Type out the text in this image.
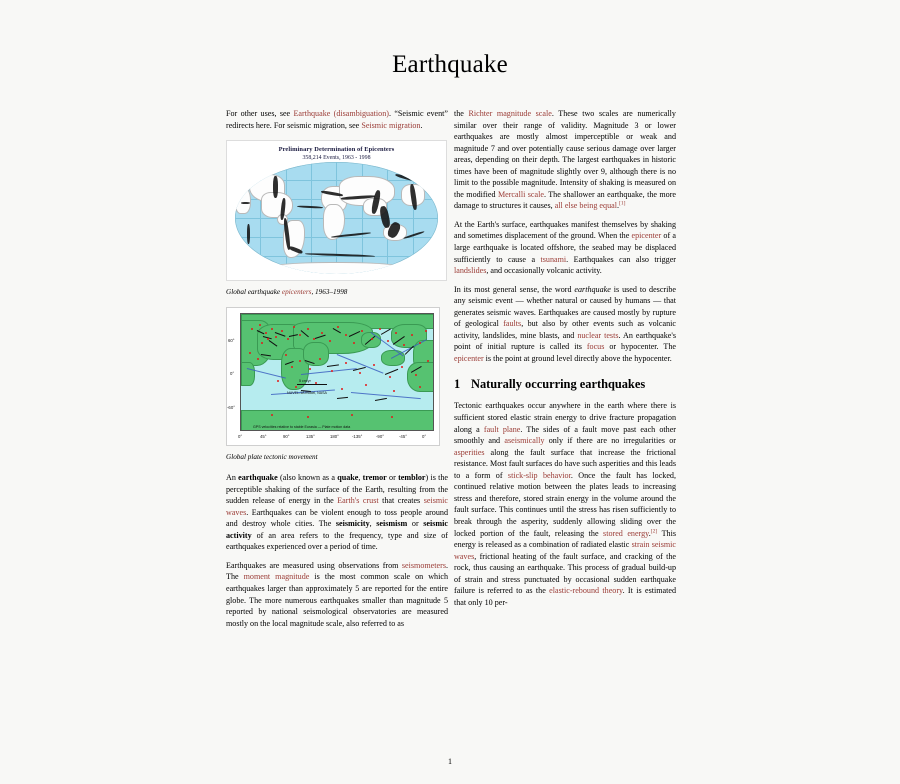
Earthquake

For other uses, see Earthquake (disambiguation). “Seismic event” redirects here. For seismic migration, see Seismic migration.

Preliminary Determination of Epicenters
358,214 Events, 1963 - 1998
Global earthquake epicenters, 1963–1998
5 cm/yr
NUVEL-1A model, NASA
GPS velocities relative to stable Eurasia — Plate motion data
0°	45°	90°	135°	180°	-135°	-90°	-45°	0°
60°
0°
-60°
Global plate tectonic movement

An earthquake (also known as a quake, tremor or temblor) is the perceptible shaking of the surface of the Earth, resulting from the sudden release of energy in the Earth's crust that creates seismic waves. Earthquakes can be violent enough to toss people around and destroy whole cities. The seismicity, seismism or seismic activity of an area refers to the frequency, type and size of earthquakes experienced over a period of time.

Earthquakes are measured using observations from seismometers. The moment magnitude is the most common scale on which earthquakes larger than approximately 5 are reported for the entire globe. The more numerous earthquakes smaller than magnitude 5 reported by national seismological observatories are measured mostly on the local magnitude scale, also referred to as

the Richter magnitude scale. These two scales are numerically similar over their range of validity. Magnitude 3 or lower earthquakes are mostly almost imperceptible or weak and magnitude 7 and over potentially cause serious damage over larger areas, depending on their depth. The largest earthquakes in historic times have been of magnitude slightly over 9, although there is no limit to the possible magnitude. Intensity of shaking is measured on the modified Mercalli scale. The shallower an earthquake, the more damage to structures it causes, all else being equal.[1]

At the Earth's surface, earthquakes manifest themselves by shaking and sometimes displacement of the ground. When the epicenter of a large earthquake is located offshore, the seabed may be displaced sufficiently to cause a tsunami. Earthquakes can also trigger landslides, and occasionally volcanic activity.

In its most general sense, the word earthquake is used to describe any seismic event — whether natural or caused by humans — that generates seismic waves. Earthquakes are caused mostly by rupture of geological faults, but also by other events such as volcanic activity, landslides, mine blasts, and nuclear tests. An earthquake's point of initial rupture is called its focus or hypocenter. The epicenter is the point at ground level directly above the hypocenter.

1 Naturally occurring earthquakes

Tectonic earthquakes occur anywhere in the earth where there is sufficient stored elastic strain energy to drive fracture propagation along a fault plane. The sides of a fault move past each other smoothly and aseismically only if there are no irregularities or asperities along the fault surface that increase the frictional resistance. Most fault surfaces do have such asperities and this leads to a form of stick-slip behavior. Once the fault has locked, continued relative motion between the plates leads to increasing stress and therefore, stored strain energy in the volume around the fault surface. This continues until the stress has risen sufficiently to break through the asperity, suddenly allowing sliding over the locked portion of the fault, releasing the stored energy.[2] This energy is released as a combination of radiated elastic strain seismic waves, frictional heating of the fault surface, and cracking of the rock, thus causing an earthquake. This process of gradual build-up of strain and stress punctuated by occasional sudden earthquake failure is referred to as the elastic-rebound theory. It is estimated that only 10 per-

1
